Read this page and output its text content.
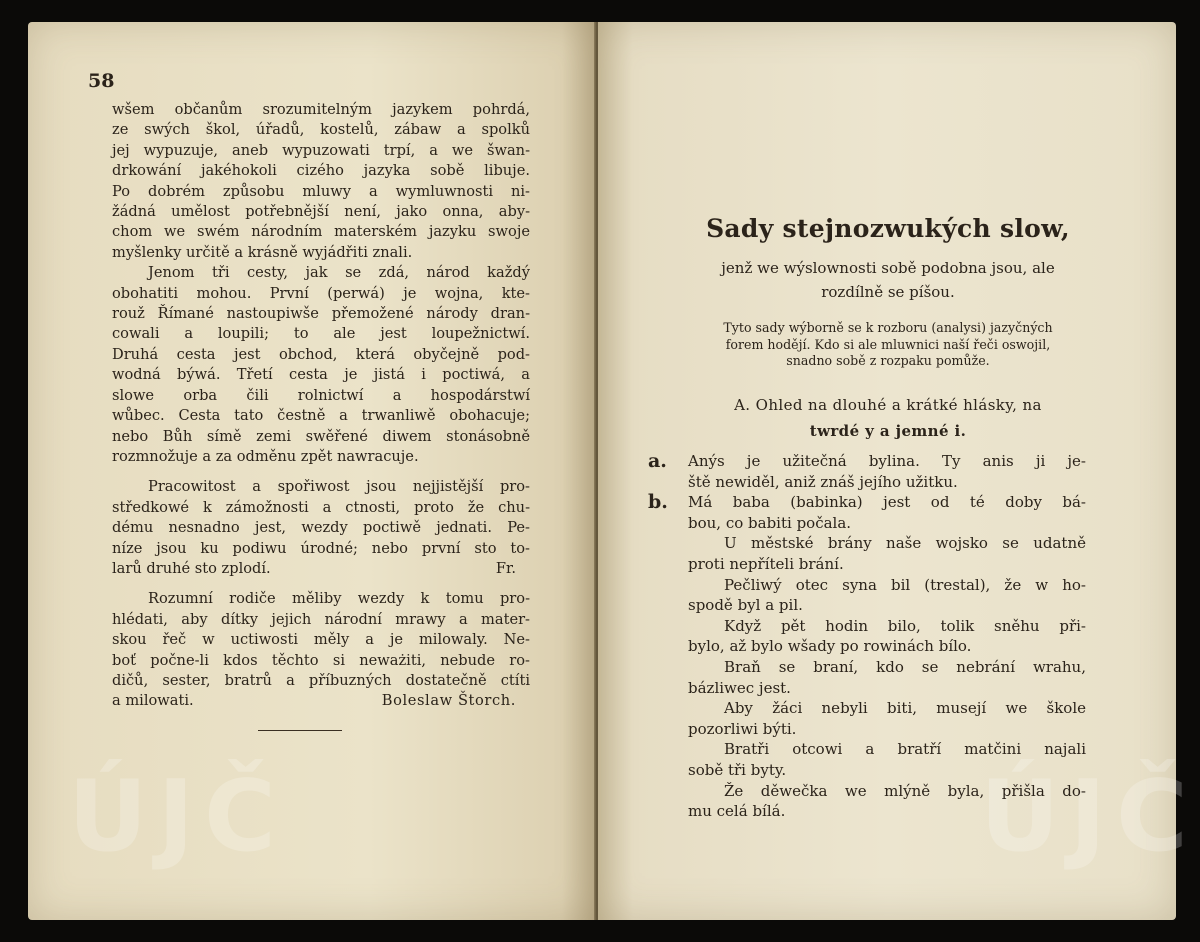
ÚJČ	ÚJČ
58
wšem občanům srozumitelným jazykem pohrdá,
ze swých škol, úřadů, kostelů, zábaw a spolků
jej wypuzuje, aneb wypuzowati trpí, a we šwan-
drkowání jakéhokoli cizého jazyka sobě libuje.
Po dobrém způsobu mluwy a wymluwnosti ni-
žádná umělost potřebnější není, jako onna, aby-
chom we swém národním materském jazyku swoje
myšlenky určitě a krásně wyjádřiti znali.
Jenom tři cesty, jak se zdá, národ každý
obohatiti mohou. První (perwá) je wojna, kte-
rouž Římané nastoupiwše přemožené národy dran-
cowali a loupili; to ale jest loupežnictwí.
Druhá cesta jest obchod, která obyčejně pod-
wodná býwá. Třetí cesta je jistá i poctiwá, a
slowe orba čili rolnictwí a hospodárstwí
wůbec. Cesta tato čestně a trwanliwě obohacuje;
nebo Bůh símě zemi swěřené diwem stonásobně
rozmnožuje a za odměnu zpět nawracuje.
Pracowitost a spořiwost jsou nejjistější pro-
středkowé k zámožnosti a ctnosti, proto že chu-
dému nesnadno jest, wezdy poctiwě jednati. Pe-
níze jsou ku podiwu úrodné; nebo první sto to-
larů druhé sto zplodí.	Fr.
Rozumní rodiče měliby wezdy k tomu pro-
hlédati, aby dítky jejich národní mrawy a mater-
skou řeč w uctiwosti měly a je milowaly. Ne-
boť počne-li kdos těchto si neważiti, nebude ro-
dičů, sester, bratrů a příbuzných dostatečně ctíti
a milowati.	Boleslaw Štorch.
Sady stejnozwukých slow,
jenž we wýslownosti sobě podobna jsou, ale
rozdílně se píšou.
Tyto sady wýborně se k rozboru (analysi) jazyčných
forem hodějí. Kdo si ale mluwnici naší řeči oswojil,
snadno sobě z rozpaku pomůže.
A. Ohled na dlouhé a krátké hlásky, na
twrdé y a jemné i.
a. Anýs je užitečná bylina. Ty anis ji je-
ště newiděl, aniž znáš jejího užitku.
b. Má baba (babinka) jest od té doby bá-
bou, co babiti počala.
U městské brány naše wojsko se udatně
proti nepříteli brání.
Pečliwý otec syna bil (trestal), že w ho-
spodě byl a pil.
Když pět hodin bilo, tolik sněhu při-
bylo, až bylo wšady po rowinách bílo.
Braň se braní, kdo se nebrání wrahu,
bázliwec jest.
Aby žáci nebyli biti, musejí we škole
pozorliwi býti.
Bratři otcowi a bratří matčini najali
sobě tři byty.
Že děwečka we mlýně byla, přišla do-
mu celá bílá.
